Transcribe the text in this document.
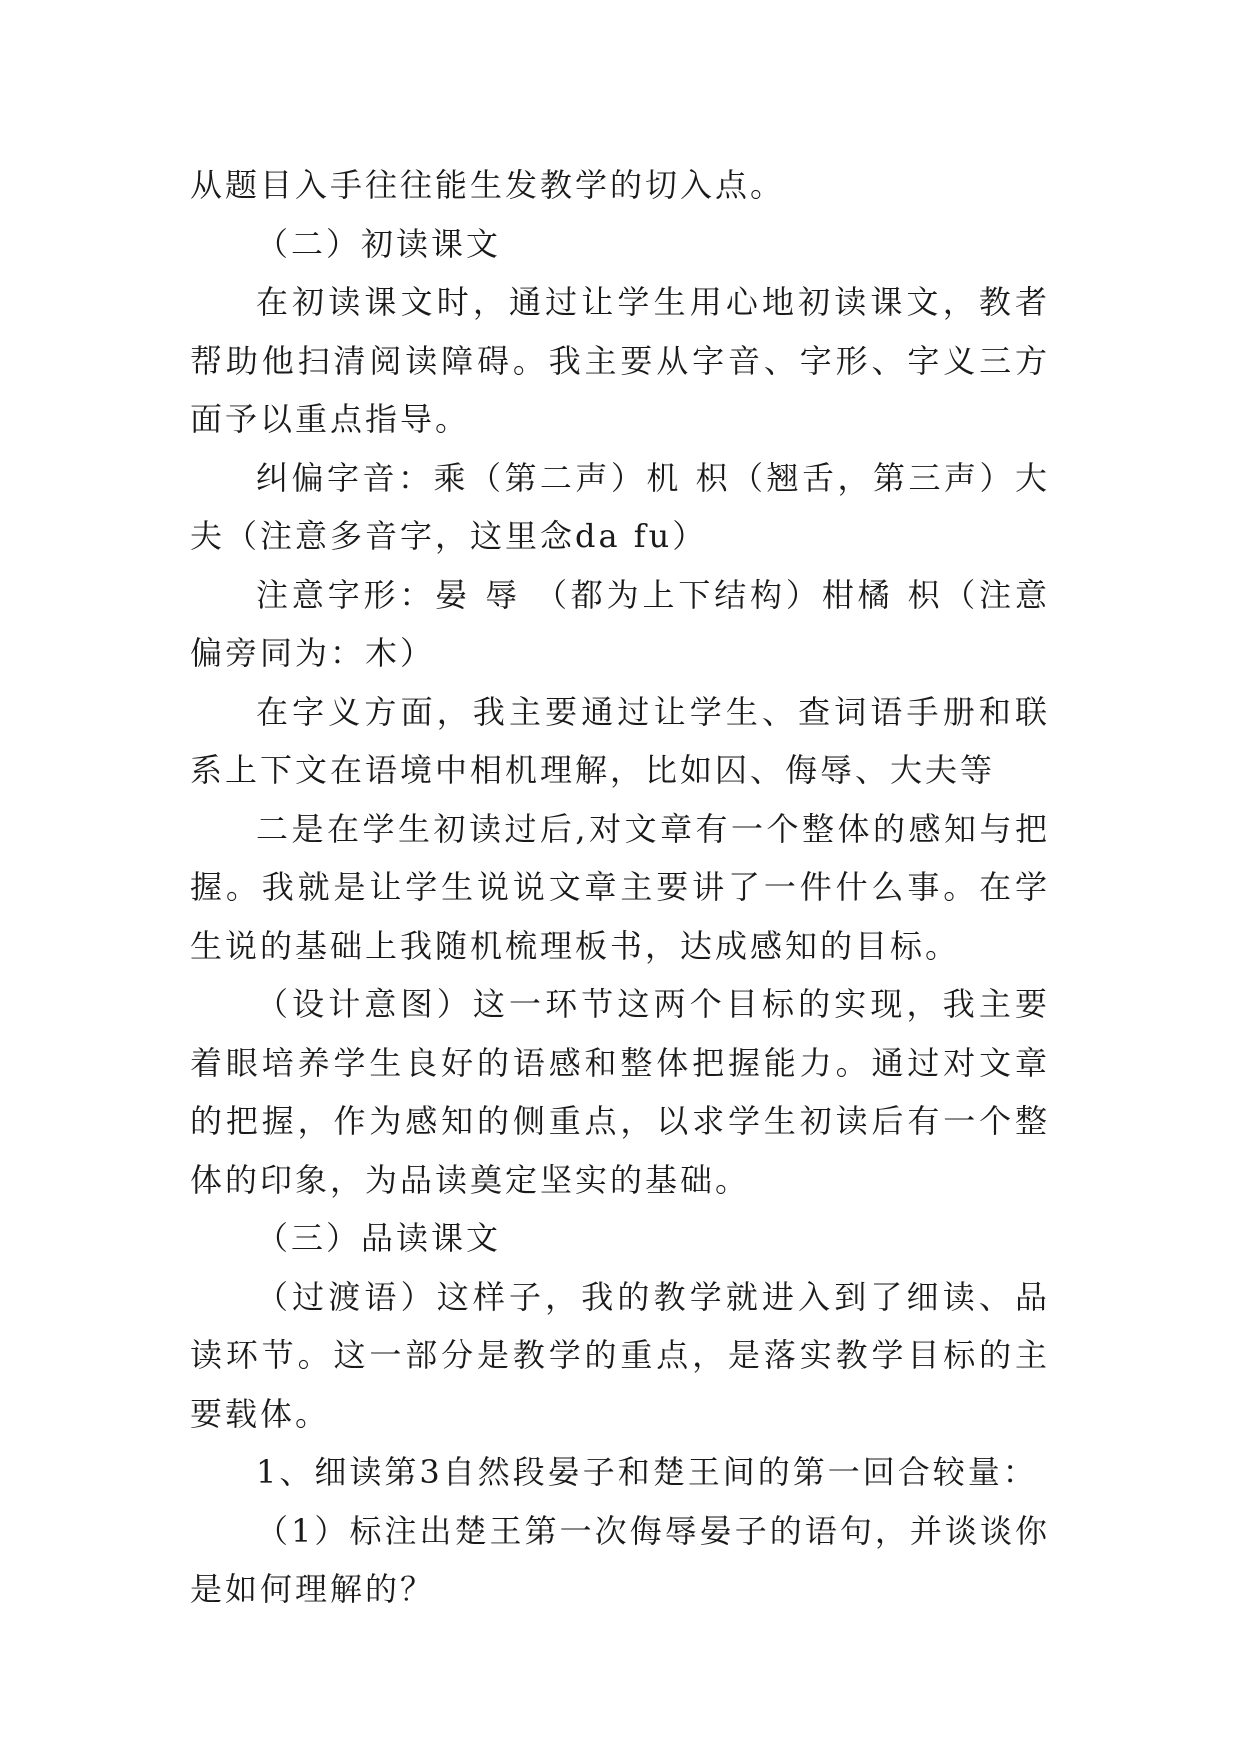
从题目入手往往能生发教学的切入点。

（二）初读课文

在初读课文时，通过让学生用心地初读课文，教者帮助他扫清阅读障碍。我主要从字音、字形、字义三方面予以重点指导。

纠偏字音：乘（第二声）机 枳（翘舌，第三声）大夫（注意多音字，这里念da fu）

注意字形：晏 辱 （都为上下结构）柑橘 枳（注意偏旁同为：木）

在字义方面，我主要通过让学生、查词语手册和联系上下文在语境中相机理解，比如囚、侮辱、大夫等

二是在学生初读过后,对文章有一个整体的感知与把握。我就是让学生说说文章主要讲了一件什么事。在学生说的基础上我随机梳理板书，达成感知的目标。

（设计意图）这一环节这两个目标的实现，我主要着眼培养学生良好的语感和整体把握能力。通过对文章的把握，作为感知的侧重点，以求学生初读后有一个整体的印象，为品读奠定坚实的基础。

（三）品读课文

（过渡语）这样子，我的教学就进入到了细读、品读环节。这一部分是教学的重点，是落实教学目标的主要载体。

1、细读第3自然段晏子和楚王间的第一回合较量：

（1）标注出楚王第一次侮辱晏子的语句，并谈谈你是如何理解的？
